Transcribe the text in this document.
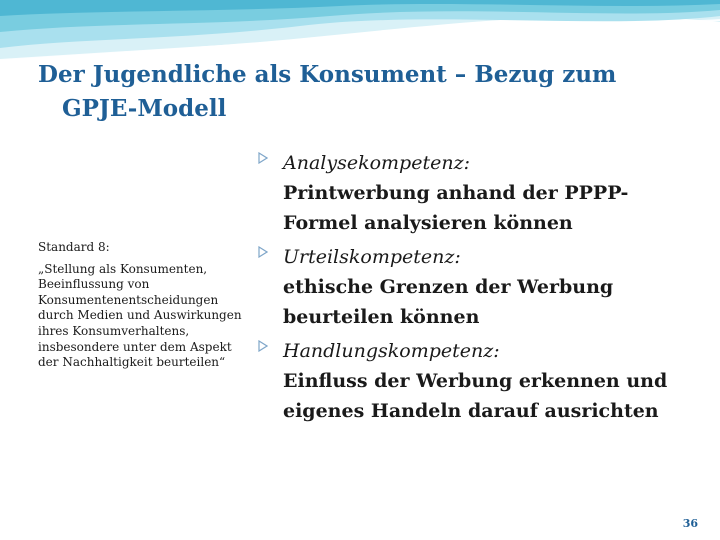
Der Jugendliche als Konsument – Bezug zum
GPJE-Modell
Standard 8:
„Stellung als Konsumenten, Beeinflussung von Konsumentenentscheidungen durch Medien und Auswirkungen ihres Konsumverhaltens, insbesondere unter dem Aspekt der Nachhaltigkeit beurteilen“
Analysekompetenz:
Printwerbung anhand der PPPP-Formel analysieren können
Urteilskompetenz:
ethische Grenzen der Werbung beurteilen können
Handlungskompetenz:
Einfluss der Werbung erkennen und eigenes Handeln darauf ausrichten
36
